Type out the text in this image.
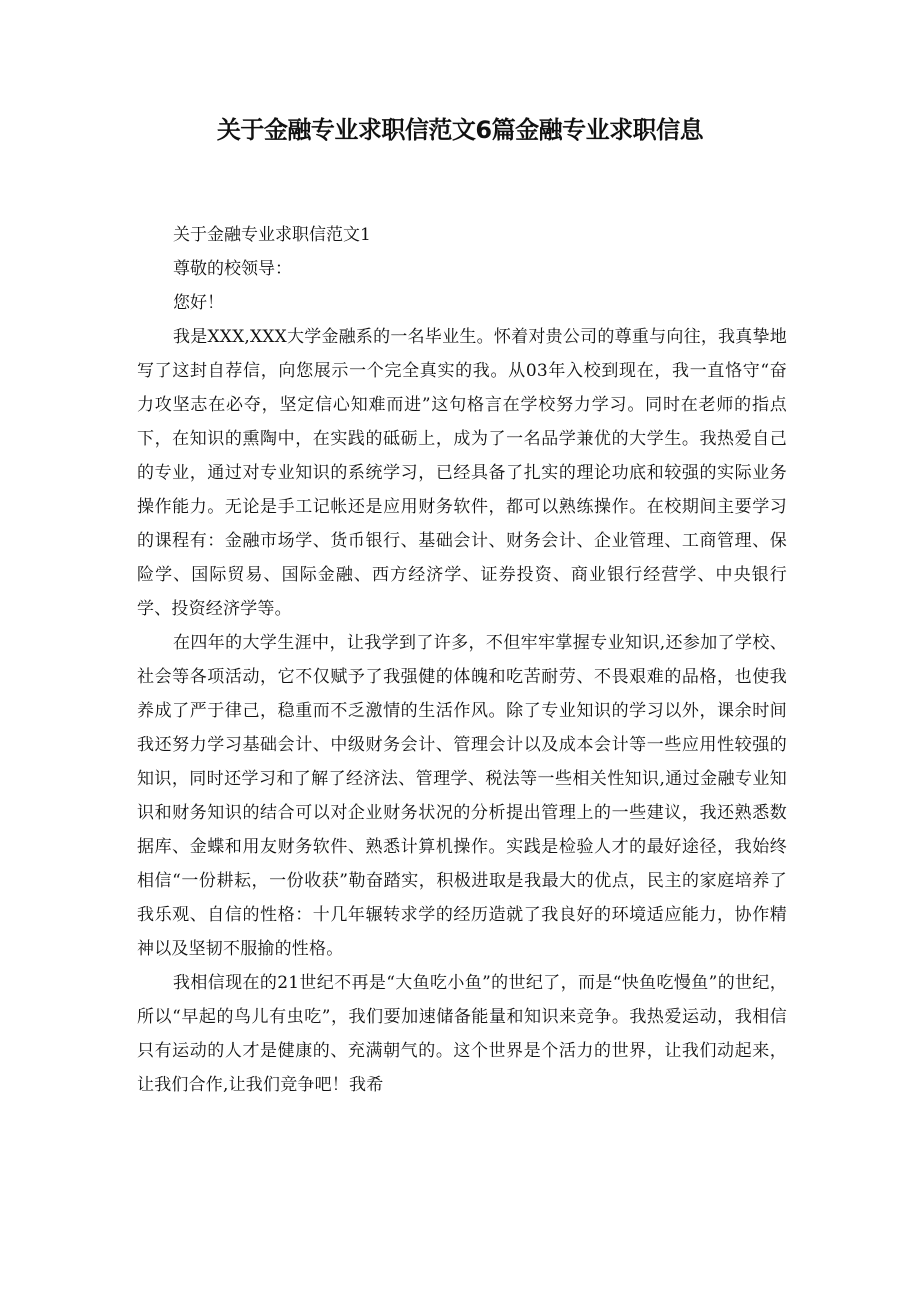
关于金融专业求职信范文6篇金融专业求职信息

关于金融专业求职信范文1

尊敬的校领导：

您好！

我是XXX,XXX大学金融系的一名毕业生。怀着对贵公司的尊重与向往，我真挚地写了这封自荐信，向您展示一个完全真实的我。从03年入校到现在，我一直恪守“奋力攻坚志在必夺，坚定信心知难而进”这句格言在学校努力学习。同时在老师的指点下，在知识的熏陶中，在实践的砥砺上，成为了一名品学兼优的大学生。我热爱自己的专业，通过对专业知识的系统学习，已经具备了扎实的理论功底和较强的实际业务操作能力。无论是手工记帐还是应用财务软件，都可以熟练操作。在校期间主要学习的课程有：金融市场学、货币银行、基础会计、财务会计、企业管理、工商管理、保险学、国际贸易、国际金融、西方经济学、证券投资、商业银行经营学、中央银行学、投资经济学等。

在四年的大学生涯中，让我学到了许多，不但牢牢掌握专业知识,还参加了学校、社会等各项活动，它不仅赋予了我强健的体魄和吃苦耐劳、不畏艰难的品格，也使我养成了严于律己，稳重而不乏激情的生活作风。除了专业知识的学习以外，课余时间我还努力学习基础会计、中级财务会计、管理会计以及成本会计等一些应用性较强的知识，同时还学习和了解了经济法、管理学、税法等一些相关性知识,通过金融专业知识和财务知识的结合可以对企业财务状况的分析提出管理上的一些建议，我还熟悉数据库、金蝶和用友财务软件、熟悉计算机操作。实践是检验人才的最好途径，我始终相信“一份耕耘，一份收获”勒奋踏实，积极进取是我最大的优点，民主的家庭培养了我乐观、自信的性格：十几年辗转求学的经历造就了我良好的环境适应能力，协作精神以及坚韧不服揄的性格。

我相信现在的21世纪不再是“大鱼吃小鱼”的世纪了，而是“快鱼吃慢鱼”的世纪，所以“早起的鸟儿有虫吃”，我们要加速储备能量和知识来竞争。我热爱运动，我相信只有运动的人才是健康的、充满朝气的。这个世界是个活力的世界，让我们动起来，让我们合作,让我们竞争吧！我希
